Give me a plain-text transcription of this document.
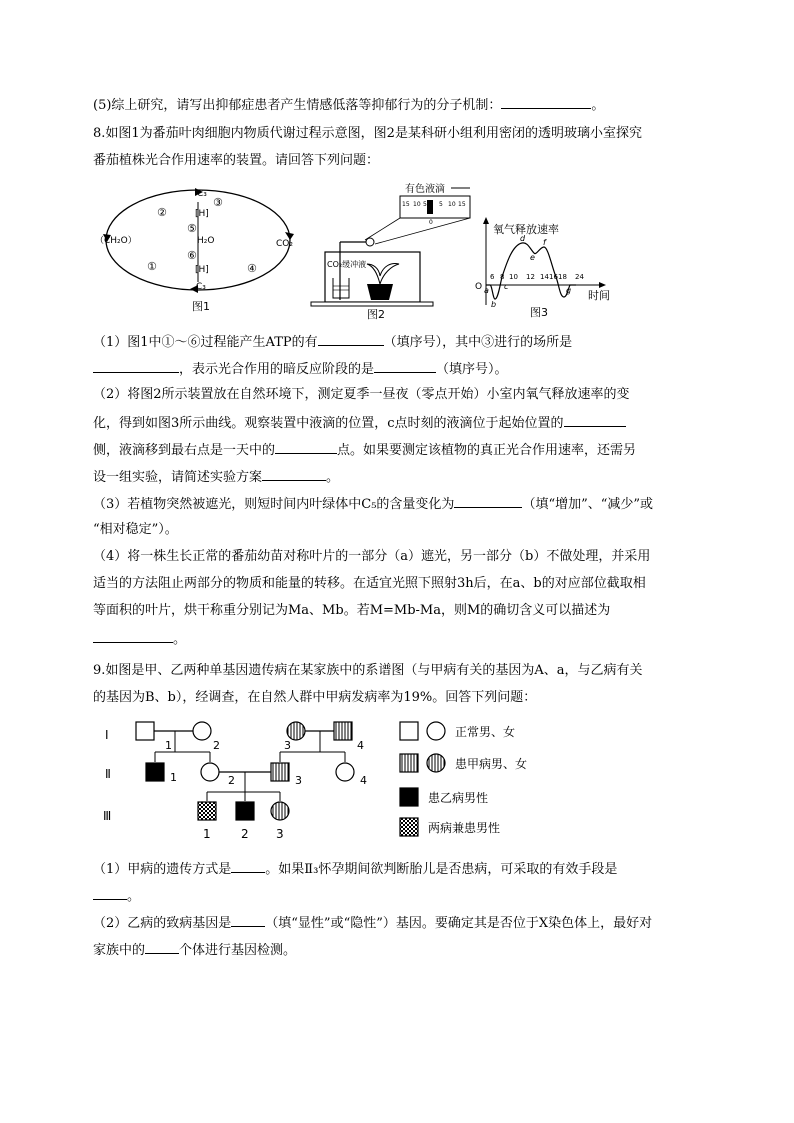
(5)综上研究，请写出抑郁症患者产生情感低落等抑郁行为的分子机制：	。
8.如图1为番茄叶肉细胞内物质代谢过程示意图，图2是某科研小组利用密闭的透明玻璃小室探究
番茄植株光合作用速率的装置。请回答下列问题：
C₃
[H]
H₂O
[H]
C₃
（CH₂O）	CO₂
②
③
⑤
⑥
①	④
图1
有色液滴
15 10 5
0
5 10 15
CO₂缓冲液
图2
氧气释放速率
时间
O
6 8 10 12 14 16 18 24
a
b
c
d
e
f
g
图3
（1）图1中①～⑥过程能产生ATP的有	（填序号），其中③进行的场所是
，表示光合作用的暗反应阶段的是	（填序号）。
（2）将图2所示装置放在自然环境下，测定夏季一昼夜（零点开始）小室内氧气释放速率的变
化，得到如图3所示曲线。观察装置中液滴的位置，c点时刻的液滴位于起始位置的
侧，液滴移到最右点是一天中的	点。如果要测定该植物的真正光合作用速率，还需另
设一组实验，请简述实验方案	。
（3）若植物突然被遮光，则短时间内叶绿体中C₅的含量变化为	（填“增加”、“减少”或
“相对稳定”）。
（4）将一株生长正常的番茄幼苗对称叶片的一部分（a）遮光，另一部分（b）不做处理，并采用
适当的方法阻止两部分的物质和能量的转移。在适宜光照下照射3h后，在a、b的对应部位截取相
等面积的叶片，烘干称重分别记为Ma、Mb。若M=Mb-Ma，则M的确切含义可以描述为
。
9.如图是甲、乙两种单基因遗传病在某家族中的系谱图（与甲病有关的基因为A、a，与乙病有关
的基因为B、b），经调查，在自然人群中甲病发病率为19%。回答下列问题：
Ⅰ
Ⅱ
Ⅲ
1	2	3	4
1	2	3	4
1	2 3
正常男、女
患甲病男、女
患乙病男性
两病兼患男性
（1）甲病的遗传方式是	。如果Ⅱ₃怀孕期间欲判断胎儿是否患病，可采取的有效手段是
。
（2）乙病的致病基因是	（填“显性”或“隐性”）基因。要确定其是否位于X染色体上，最好对
家族中的	个体进行基因检测。
